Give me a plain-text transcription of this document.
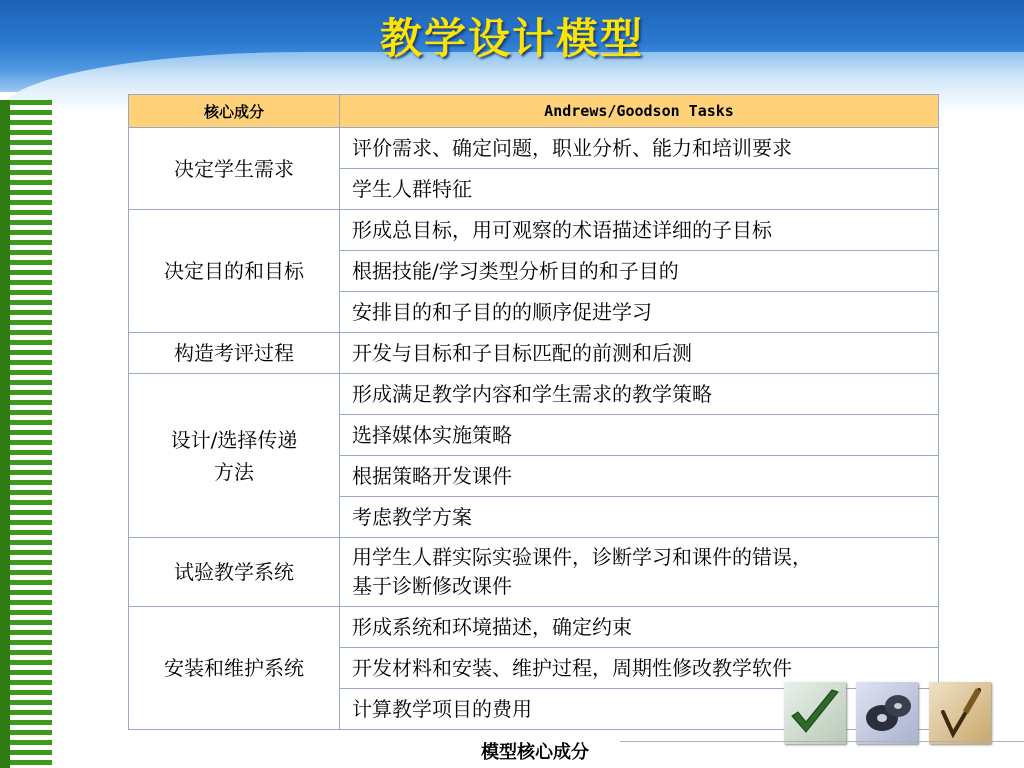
教学设计模型
核心成分	Andrews/Goodson Tasks
决定学生需求	评价需求、确定问题，职业分析、能力和培训要求
	学生人群特征
决定目的和目标	形成总目标，用可观察的术语描述详细的子目标
	根据技能/学习类型分析目的和子目的
	安排目的和子目的的顺序促进学习
构造考评过程	开发与目标和子目标匹配的前测和后测

设计/选择传递
方法	形成满足教学内容和学生需求的教学策略
	选择媒体实施策略
	根据策略开发课件
	考虑教学方案
试验教学系统	用学生人群实际实验课件，诊断学习和课件的错误，
基于诊断修改课件

安装和维护系统	形成系统和环境描述，确定约束
	开发材料和安装、维护过程，周期性修改教学软件
	计算教学项目的费用
模型核心成分
